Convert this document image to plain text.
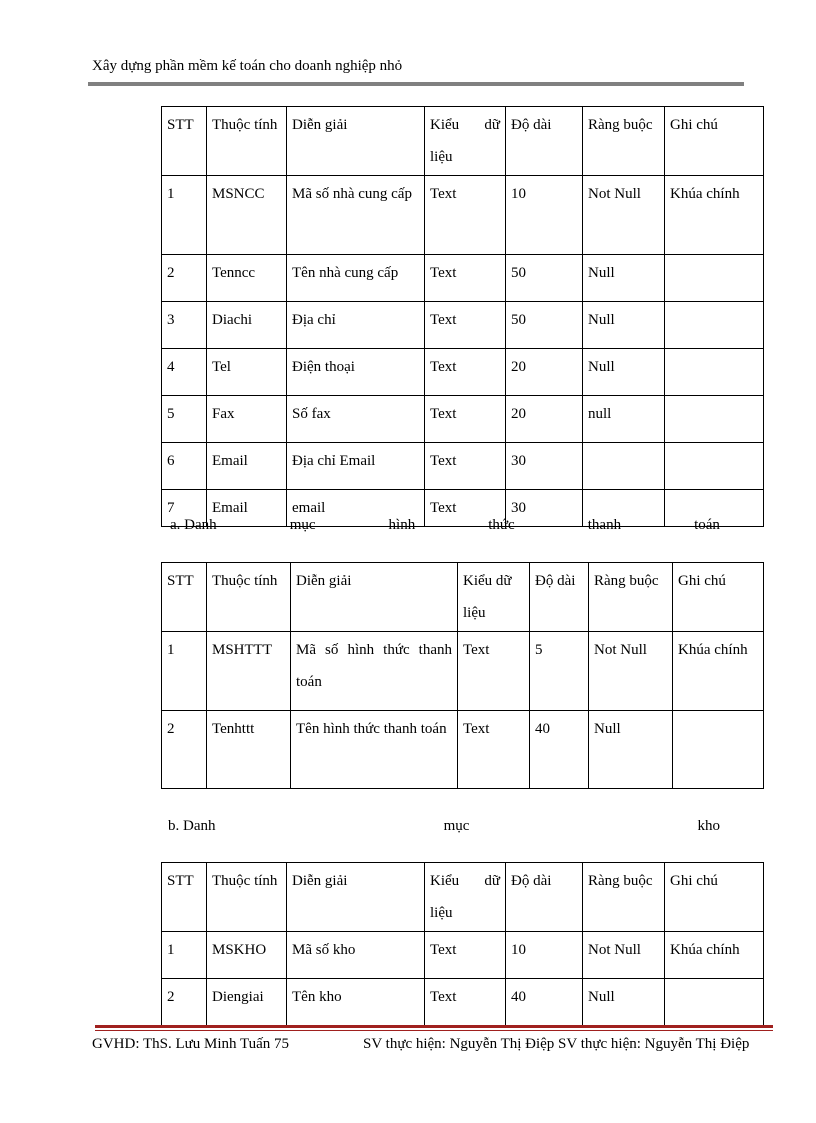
Xây dựng phần mềm kế toán cho doanh nghiệp nhỏ
STT	Thuộc tính	Diễn giải	Kiểu dữ liệu	Độ dài	Ràng buộc	Ghi chú
1	MSNCC	Mã số nhà cung cấp	Text	10	Not Null	Khúa chính
2	Tenncc	Tên nhà cung cấp	Text	50	Null	
3	Diachi	Địa chỉ	Text	50	Null	
4	Tel	Điện thoại	Text	20	Null	
5	Fax	Số fax	Text	20	null	
6	Email	Địa chỉ Email	Text	30		
7	Email	email	Text	30		
a. Danh	mục	hình	thức	thanh	toán
STT	Thuộc tính	Diễn giải	Kiểu dữ liệu	Độ dài	Ràng buộc	Ghi chú
1	MSHTTT	Mã số hình thức thanh toán	Text	5	Not Null	Khúa chính
2	Tenhttt	Tên hình thức thanh toán	Text	40	Null	
b. Danh	mục	kho
STT	Thuộc tính	Diễn giải	Kiểu dữ liệu	Độ dài	Ràng buộc	Ghi chú
1	MSKHO	Mã số kho	Text	10	Not Null	Khúa chính
2	Diengiai	Tên kho	Text	40	Null	
GVHD: ThS. Lưu Minh Tuấn 75	SV thực hiện: Nguyễn Thị Điệp SV thực hiện: Nguyễn Thị Điệp
